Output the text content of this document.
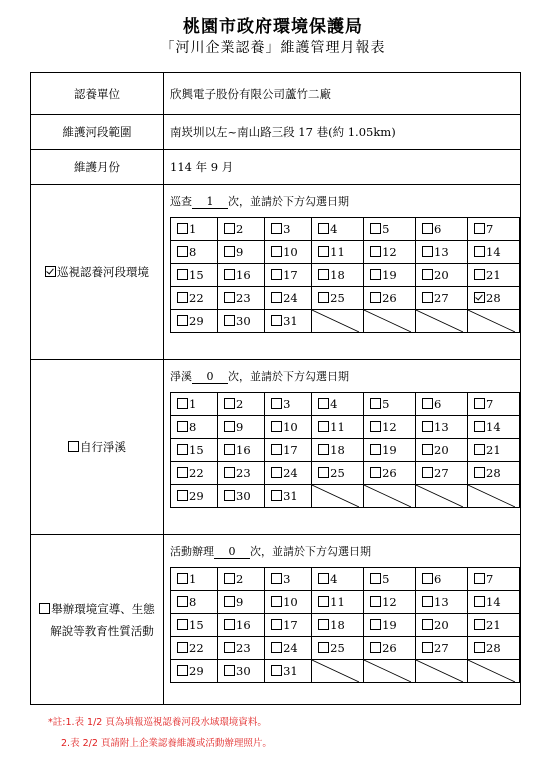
桃園市政府環境保護局
「河川企業認養」維護管理月報表
認養單位	欣興電子股份有限公司蘆竹二廠
維護河段範圍	南崁圳以左~南山路三段 17 巷(約 1.05km)
維護月份	114 年 9 月
巡視認養河段環境	
巡查 1 次，並請於下方勾選日期
1	2	3	4	5	6	7
8	9	10	11	12	13	14
15	16	17	18	19	20	21
22	23	24	25	26	27	28
29	30	31	

自行淨溪	
淨溪 0 次，並請於下方勾選日期
1	2	3	4	5	6	7
8	9	10	11	12	13	14
15	16	17	18	19	20	21
22	23	24	25	26	27	28
29	30	31	

舉辦環境宣導、生態
解說等教育性質活動

活動辦理 0 次，並請於下方勾選日期
1	2	3	4	5	6	7
8	9	10	11	12	13	14
15	16	17	18	19	20	21
22	23	24	25	26	27	28
29	30	31	

*註:1.表 1/2 頁為填報巡視認養河段水域環境資料。
2.表 2/2 頁請附上企業認養維護或活動辦理照片。
